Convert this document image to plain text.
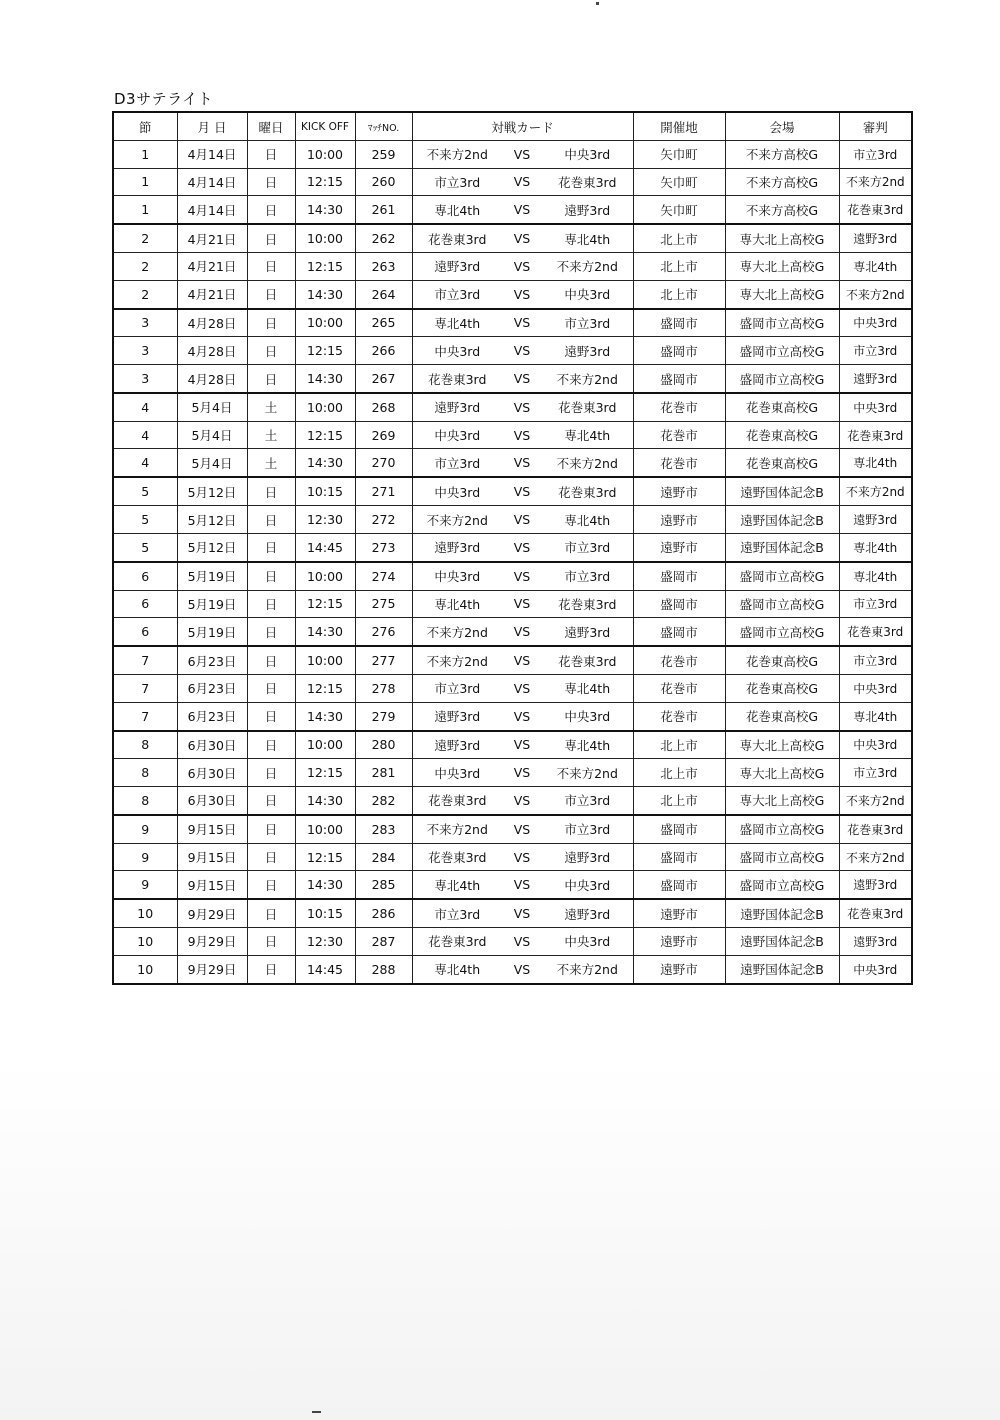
D3サテライト
節	月 日	曜日	KICK OFF	ﾏｯﾁNO.	対戦カード			開催地	会場	審判
1	4月14日	日	10:00	259	不来方2nd	VS	中央3rd	矢巾町	不来方高校G	市立3rd
1	4月14日	日	12:15	260	市立3rd	VS	花巻東3rd	矢巾町	不来方高校G	不来方2nd
1	4月14日	日	14:30	261	専北4th	VS	遠野3rd	矢巾町	不来方高校G	花巻東3rd
2	4月21日	日	10:00	262	花巻東3rd	VS	専北4th	北上市	専大北上高校G	遠野3rd
2	4月21日	日	12:15	263	遠野3rd	VS	不来方2nd	北上市	専大北上高校G	専北4th
2	4月21日	日	14:30	264	市立3rd	VS	中央3rd	北上市	専大北上高校G	不来方2nd
3	4月28日	日	10:00	265	専北4th	VS	市立3rd	盛岡市	盛岡市立高校G	中央3rd
3	4月28日	日	12:15	266	中央3rd	VS	遠野3rd	盛岡市	盛岡市立高校G	市立3rd
3	4月28日	日	14:30	267	花巻東3rd	VS	不来方2nd	盛岡市	盛岡市立高校G	遠野3rd
4	5月4日	土	10:00	268	遠野3rd	VS	花巻東3rd	花巻市	花巻東高校G	中央3rd
4	5月4日	土	12:15	269	中央3rd	VS	専北4th	花巻市	花巻東高校G	花巻東3rd
4	5月4日	土	14:30	270	市立3rd	VS	不来方2nd	花巻市	花巻東高校G	専北4th
5	5月12日	日	10:15	271	中央3rd	VS	花巻東3rd	遠野市	遠野国体記念B	不来方2nd
5	5月12日	日	12:30	272	不来方2nd	VS	専北4th	遠野市	遠野国体記念B	遠野3rd
5	5月12日	日	14:45	273	遠野3rd	VS	市立3rd	遠野市	遠野国体記念B	専北4th
6	5月19日	日	10:00	274	中央3rd	VS	市立3rd	盛岡市	盛岡市立高校G	専北4th
6	5月19日	日	12:15	275	専北4th	VS	花巻東3rd	盛岡市	盛岡市立高校G	市立3rd
6	5月19日	日	14:30	276	不来方2nd	VS	遠野3rd	盛岡市	盛岡市立高校G	花巻東3rd
7	6月23日	日	10:00	277	不来方2nd	VS	花巻東3rd	花巻市	花巻東高校G	市立3rd
7	6月23日	日	12:15	278	市立3rd	VS	専北4th	花巻市	花巻東高校G	中央3rd
7	6月23日	日	14:30	279	遠野3rd	VS	中央3rd	花巻市	花巻東高校G	専北4th
8	6月30日	日	10:00	280	遠野3rd	VS	専北4th	北上市	専大北上高校G	中央3rd
8	6月30日	日	12:15	281	中央3rd	VS	不来方2nd	北上市	専大北上高校G	市立3rd
8	6月30日	日	14:30	282	花巻東3rd	VS	市立3rd	北上市	専大北上高校G	不来方2nd
9	9月15日	日	10:00	283	不来方2nd	VS	市立3rd	盛岡市	盛岡市立高校G	花巻東3rd
9	9月15日	日	12:15	284	花巻東3rd	VS	遠野3rd	盛岡市	盛岡市立高校G	不来方2nd
9	9月15日	日	14:30	285	専北4th	VS	中央3rd	盛岡市	盛岡市立高校G	遠野3rd
10	9月29日	日	10:15	286	市立3rd	VS	遠野3rd	遠野市	遠野国体記念B	花巻東3rd
10	9月29日	日	12:30	287	花巻東3rd	VS	中央3rd	遠野市	遠野国体記念B	遠野3rd
10	9月29日	日	14:45	288	専北4th	VS	不来方2nd	遠野市	遠野国体記念B	中央3rd
